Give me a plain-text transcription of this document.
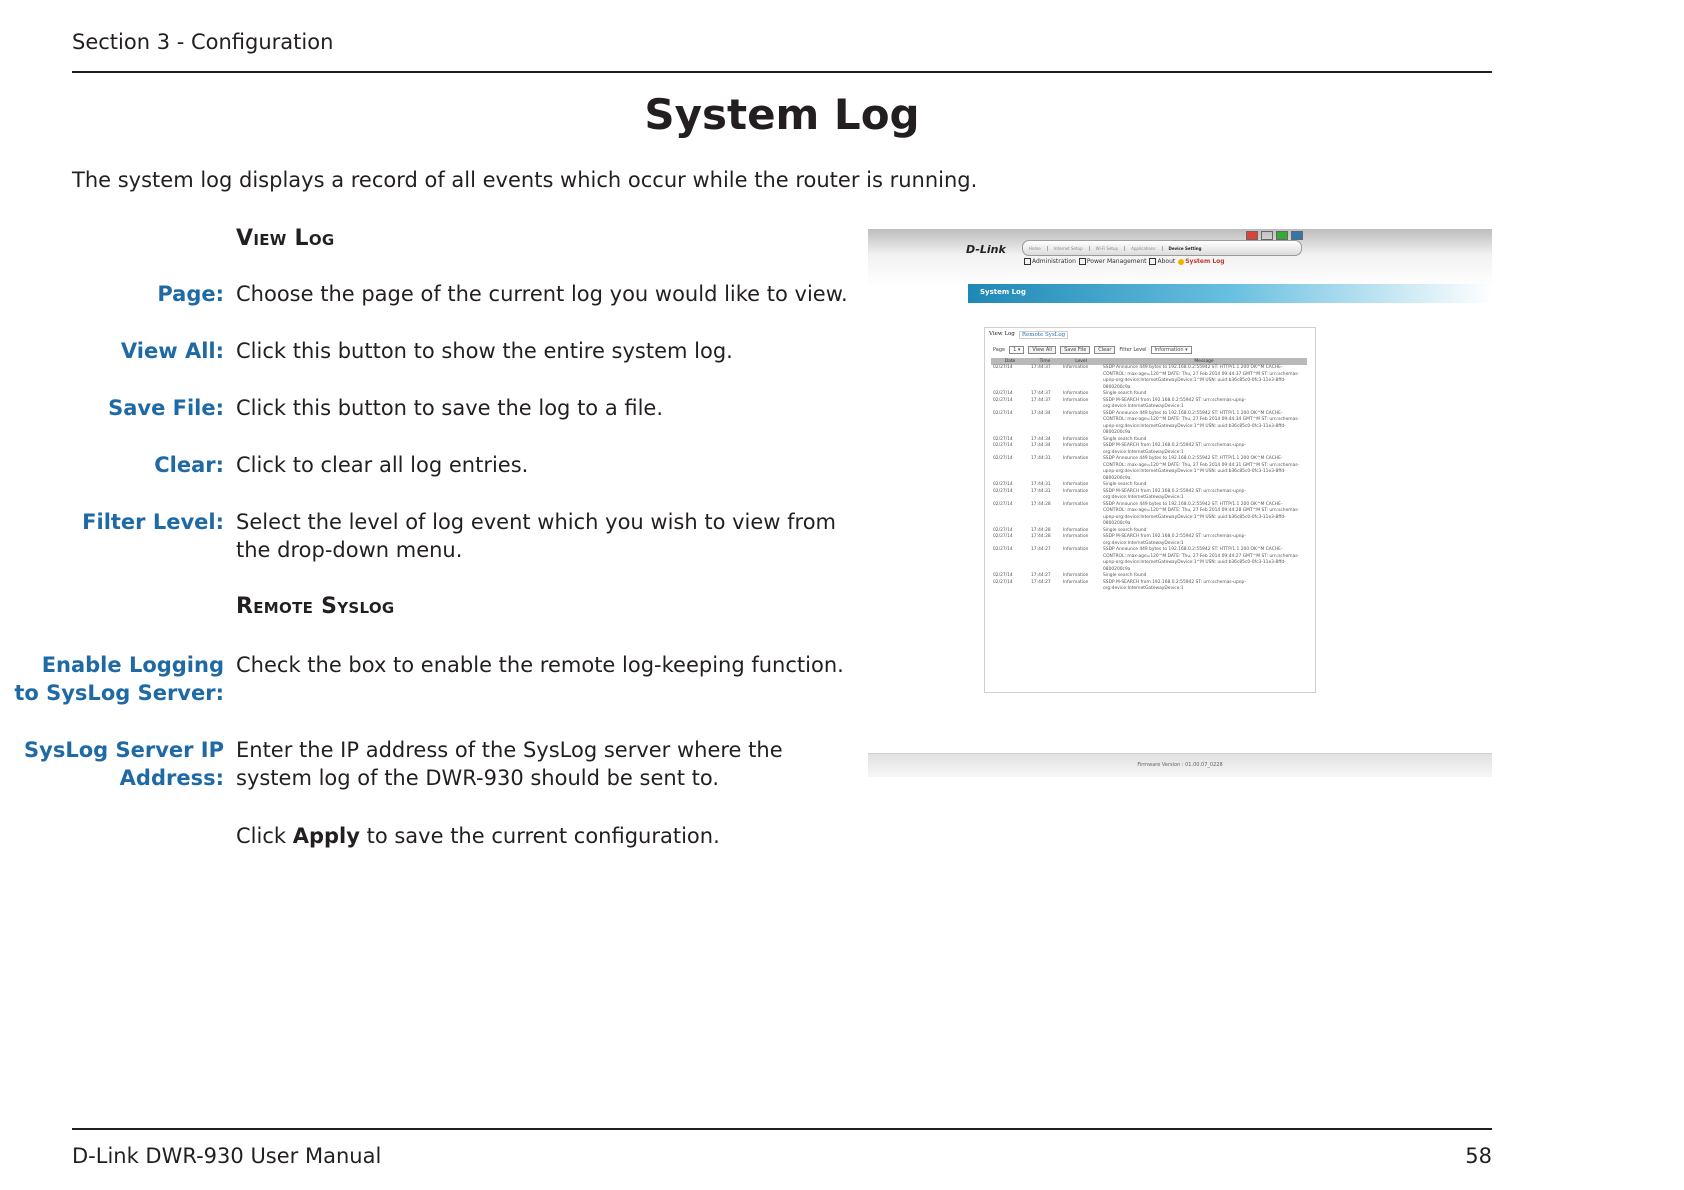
Section 3 - Configuration
System Log
The system log displays a record of all events which occur while the router is running.
View Log
Page: Choose the page of the current log you would like to view.
View All: Click this button to show the entire system log.
Save File: Click this button to save the log to a file.
Clear: Click to clear all log entries.
Filter Level: Select the level of log event which you wish to view from the drop-down menu.
Remote Syslog
Enable Logging
to SysLog Server:
Check the box to enable the remote log-keeping function.
SysLog Server IP
Address:
Enter the IP address of the SysLog server where the system log of the DWR-930 should be sent to.
Click Apply to save the current configuration.
D-Link	Home	Internet Setup	Wi-Fi Setup	Applications	Device Setting
Administration	Power Management	About	System Log
System Log
View Log	Remote SysLog
Page	1 ▾	View All	Save File	Clear	Filter Level	Information ▾
Date	Time	Level	Message
02/27/14	17:44:37	Information	SSDP Announce 449 bytes to 192.168.0.2:55942 ST: HTTP/1.1 200 OK^M CACHE-CONTROL: max-age=120^M DATE: Thu, 27 Feb 2014 09:44:37 GMT^M ST: urn:schemas-upnp-org:device:InternetGatewayDevice:1^M USN: uuid:b36c85c0-0fc3-11e3-8ffd-0800200c9a
02/27/14	17:44:37	Information	Single search found
02/27/14	17:44:37	Information	SSDP M-SEARCH from 192.168.0.2:55942 ST: urn:schemas-upnp-org:device:InternetGatewayDevice:1
02/27/14	17:44:34	Information	SSDP Announce 449 bytes to 192.168.0.2:55942 ST: HTTP/1.1 200 OK^M CACHE-CONTROL: max-age=120^M DATE: Thu, 27 Feb 2014 09:44:34 GMT^M ST: urn:schemas-upnp-org:device:InternetGatewayDevice:1^M USN: uuid:b36c85c0-0fc3-11e3-8ffd-0800200c9a
02/27/14	17:44:34	Information	Single search found
02/27/14	17:44:34	Information	SSDP M-SEARCH from 192.168.0.2:55942 ST: urn:schemas-upnp-org:device:InternetGatewayDevice:1
02/27/14	17:44:31	Information	SSDP Announce 449 bytes to 192.168.0.2:55942 ST: HTTP/1.1 200 OK^M CACHE-CONTROL: max-age=120^M DATE: Thu, 27 Feb 2014 09:44:31 GMT^M ST: urn:schemas-upnp-org:device:InternetGatewayDevice:1^M USN: uuid:b36c85c0-0fc3-11e3-8ffd-0800200c9a
02/27/14	17:44:31	Information	Single search found
02/27/14	17:44:31	Information	SSDP M-SEARCH from 192.168.0.2:55942 ST: urn:schemas-upnp-org:device:InternetGatewayDevice:1
02/27/14	17:44:28	Information	SSDP Announce 449 bytes to 192.168.0.2:55942 ST: HTTP/1.1 200 OK^M CACHE-CONTROL: max-age=120^M DATE: Thu, 27 Feb 2014 09:44:28 GMT^M ST: urn:schemas-upnp-org:device:InternetGatewayDevice:1^M USN: uuid:b36c85c0-0fc3-11e3-8ffd-0800200c9a
02/27/14	17:44:28	Information	Single search found
02/27/14	17:44:28	Information	SSDP M-SEARCH from 192.168.0.2:55942 ST: urn:schemas-upnp-org:device:InternetGatewayDevice:1
02/27/14	17:44:27	Information	SSDP Announce 449 bytes to 192.168.0.2:55942 ST: HTTP/1.1 200 OK^M CACHE-CONTROL: max-age=120^M DATE: Thu, 27 Feb 2014 09:44:27 GMT^M ST: urn:schemas-upnp-org:device:InternetGatewayDevice:1^M USN: uuid:b36c85c0-0fc3-11e3-8ffd-0800200c9a
02/27/14	17:44:27	Information	Single search found
02/27/14	17:44:27	Information	SSDP M-SEARCH from 192.168.0.2:55942 ST: urn:schemas-upnp-org:device:InternetGatewayDevice:1
Firmware Version : 01.00.07_0228
D-Link DWR-930 User Manual	58
